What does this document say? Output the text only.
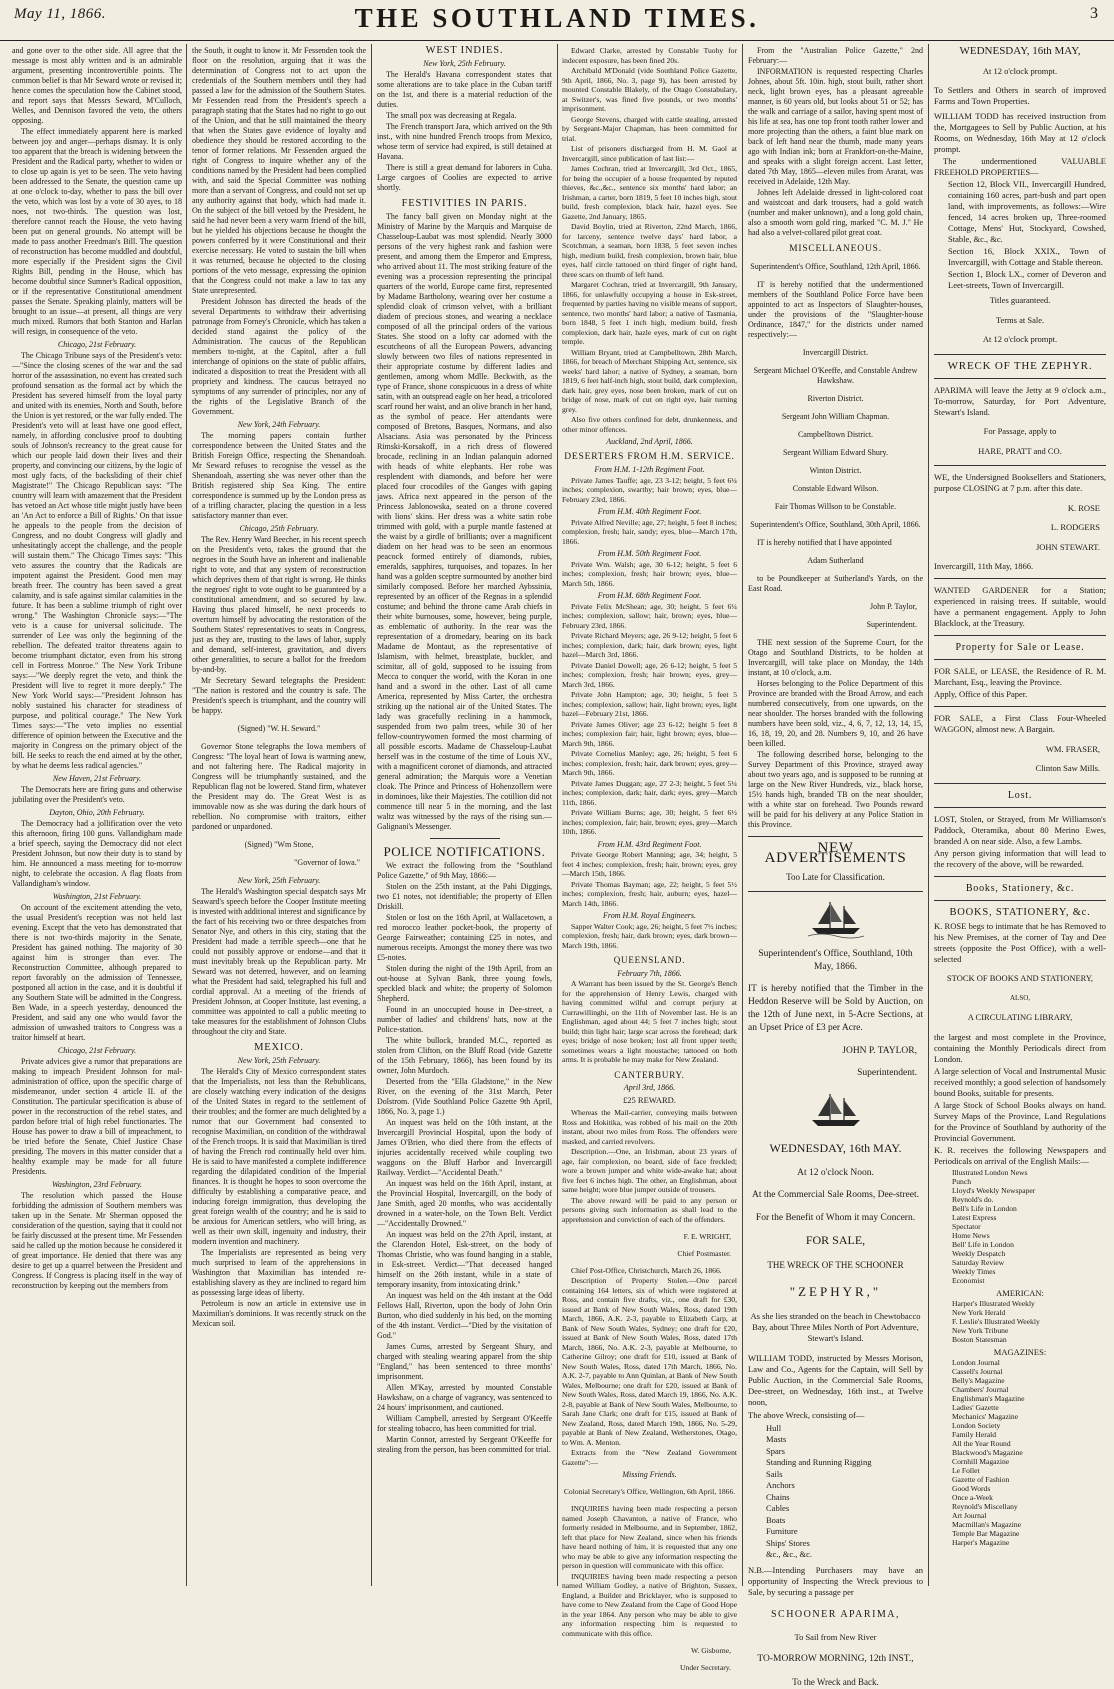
May 11, 1866.	THE SOUTHLAND TIMES.	3

and gone over to the other side. All agree that the message is most ably written and is an admirable argument, presenting incontrovertible points. The common belief is that Mr Seward wrote or revised it; hence comes the speculation how the Cabinet stood, and report says that Messrs Seward, M'Culloch, Welles, and Dennison favored the veto, the others opposing.

The effect immediately apparent here is marked between joy and anger—perhaps dismay. It is only too apparent that the breach is widening between the President and the Radical party, whether to widen or to close up again is yet to be seen. The veto having been addressed to the Senate, the question came up at one o'clock to-day, whether to pass the bill over the veto, which was lost by a vote of 30 ayes, to 18 noes, not two-thirds. The question was lost, therefore cannot reach the House, the veto having been put on general grounds. No attempt will be made to pass another Freedman's Bill. The question of reconstruction has become muddled and doubtful, more especially if the President signs the Civil Rights Bill, pending in the House, which has become doubtful since Sumner's Radical opposition, or if the representative Constitutional amendment passes the Senate. Speaking plainly, matters will be brought to an issue—at present, all things are very much mixed. Rumors that both Stanton and Harlan will resign, in consequence of the veto.

Chicago, 21st February.

The Chicago Tribune says of the President's veto:—"Since the closing scenes of the war and the sad horror of the assassination, no event has created such profound sensation as the formal act by which the President has severed himself from the loyal party and united with its enemies, North and South, before the Union is yet restored, or the war fully ended. The President's veto will at least have one good effect, namely, in affording conclusive proof to doubting souls of Johnson's recreancy to the great cause for which our people laid down their lives and their property, and convincing our citizens, by the logic of most ugly facts, of the backsliding of their chief Magistrate!" The Chicago Republican says: "The country will learn with amazement that the President has vetoed an Act whose title might justly have been an 'An Act to enforce a Bill of Rights.' On that issue he appeals to the people from the decision of Congress, and no doubt Congress will gladly and unhesitatingly accept the challenge, and the people will sustain them." The Chicago Times says: "This veto assures the country that the Radicals are impotent against the President. Good men may breath freer. The country has been saved a great calamity, and is safe against similar calamities in the future. It has been a sublime triumph of right over wrong." The Washington Chronicle says:—"The veto is a cause for universal solicitude. The surrender of Lee was only the beginning of the rebellion. The defeated traitor threatens again to become triumphant dictator, even from his strong cell in Fortress Monroe." The New York Tribune says:—"We deeply regret the veto, and think the President will live to regret it more deeply." The New York World says:—"President Johnson has nobly sustained his character for steadiness of purpose, and political courage." The New York Times says:—"The veto implies no essential difference of opinion between the Executive and the majority in Congress on the primary object of the bill. He seeks to reach the end aimed at by the other, by what he deems less radical agencies."

New Haven, 21st February.

The Democrats here are firing guns and otherwise jubilating over the President's veto.

Dayton, Ohio, 20th February.

The Democracy had a jollification over the veto this afternoon, firing 100 guns. Vallandigham made a brief speech, saying the Democracy did not elect President Johnson, but now their duty is to stand by him. He announced a mass meeting for to-morrow night, to celebrate the occasion. A flag floats from Vallandigham's window.

Washington, 21st February.

On account of the excitement attending the veto, the usual President's reception was not held last evening. Except that the veto has demonstrated that there is not two-thirds majority in the Senate, President has gained nothing. The majority of 30 against him is stronger than ever. The Reconstruction Committee, although prepared to report favorably on the admission of Tennessee, postponed all action in the case, and it is doubtful if any Southern State will be admitted in the Congress. Ben Wade, in a speech yesterday, denounced the President, and said any one who would favor the admission of unwashed traitors to Congress was a traitor himself at heart.

Chicago, 21st February.

Private advices give a rumor that preparations are making to impeach President Johnson for mal-administration of office, upon the specific charge of misdemeanor, under section 4 article II. of the Constitution. The particular specification is abuse of power in the reconstruction of the rebel states, and pardon before trial of high rebel functionaries. The House has power to draw a bill of impeachment, to be tried before the Senate, Chief Justice Chase presiding. The movers in this matter consider that a healthy example may be made for all future Presidents.

Washington, 23rd February.

The resolution which passed the House forbidding the admission of Southern members was taken up in the Senate. Mr Sherman opposed the consideration of the question, saying that it could not be fairly discussed at the present time. Mr Fessenden said he called up the motion because he considered it of great importance. He denied that there was any desire to get up a quarrel between the President and Congress. If Congress is placing itself in the way of reconstruction by keeping out the members from

the South, it ought to know it. Mr Fessenden took the floor on the resolution, arguing that it was the determination of Congress not to act upon the credentials of the Southern members until they had passed a law for the admission of the Southern States. Mr Fessenden read from the President's speech a paragraph stating that the States had no right to go out of the Union, and that he still maintained the theory that when the States gave evidence of loyalty and obedience they should be restored according to the tenor of former relations. Mr Fessenden argued the right of Congress to inquire whether any of the conditions named by the President had been complied with, and said the Special Committee was nothing more than a servant of Congress, and could not set up any authority against that body, which had made it. On the subject of the bill vetoed by the President, he said he had never been a very warm friend of the bill, but he yielded his objections because he thought the powers conferred by it were Constitutional and their exercise necessary. He voted to sustain the bill when it was returned, because he objected to the closing portions of the veto message, expressing the opinion that the Congress could not make a law to tax any State unrepresented.

President Johnson has directed the heads of the several Departments to withdraw their advertising patronage from Forney's Chronicle, which has taken a decided stand against the policy of the Administration. The caucus of the Republican members to-night, at the Capitol, after a full interchange of opinions on the state of public affairs, indicated a disposition to treat the President with all propriety and kindness. The caucus betrayed no symptoms of any surrender of principles, nor any of the rights of the Legislative Branch of the Government.

New York, 24th February.

The morning papers contain further correspondence between the United States and the British Foreign Office, respecting the Shenandoah. Mr Seward refuses to recognise the vessel as the Shenandoah, asserting she was never other than the British registered ship Sea King. The entire correspondence is summed up by the London press as of a trifling character, placing the question in a less satisfactory manner than ever.

Chicago, 25th February.

The Rev. Henry Ward Beecher, in his recent speech on the President's veto, takes the ground that the negroes in the South have an inherent and inalienable right to vote, and that any system of reconstruction which deprives them of that right is wrong. He thinks the negroes' right to vote ought to be guaranteed by a constitutional amendment, and so secured by law. Having thus placed himself, he next proceeds to overturn himself by advocating the restoration of the Southern States' representatives to seats in Congress, just as they are, trusting to the laws of labor, supply and demand, self-interest, gravitation, and divers other generalities, to secure a ballot for the freedom by-and-by.

Mr Secretary Seward telegraphs the President: "The nation is restored and the country is safe. The President's speech is triumphant, and the country will be happy.

(Signed) "W. H. Seward."

Governor Stone telegraphs the Iowa members of Congress: "The loyal heart of Iowa is warming anew, and not faltering here. The Radical majority in Congress will be triumphantly sustained, and the Republican flag not be lowered. Stand firm, whatever the President may do. The Great West is as immovable now as she was during the dark hours of rebellion. No compromise with traitors, either pardoned or unpardoned.

(Signed) "Wm Stone,

"Governor of Iowa."

New York, 25th February.

The Herald's Washington special despatch says Mr Seaward's speech before the Cooper Institute meeting is invested with additional interest and significance by the fact of his receiving two or three despatches from Senator Nye, and others in this city, stating that the President had made a terrible speech—one that he could not possibly approve or endorse—and that it must inevitably break up the Republican party. Mr Seward was not deterred, however, and on learning what the President had said, telegraphed his full and cordial approval. At a meeting of the friends of President Johnson, at Cooper Institute, last evening, a committee was appointed to call a public meeting to take measures for the establishment of Johnson Clubs throughout the city and State.

MEXICO.

New York, 25th February.

The Herald's City of Mexico correspondent states that the Imperialists, not less than the Rebublicans, are closely watching every indication of the designs of the United States in regard to the settlement of their troubles; and the former are much delighted by a rumor that our Government had consented to recognise Maximilian, on condition of the withdrawal of the French troops. It is said that Maximilian is tired of having the French rod continually held over him. He is said to have manifested a complete indifference regarding the dilapidated condition of the Imperial finances. It is thought he hopes to soon overcome the difficulty by establishing a comparative peace, and inducing foreign immigration, thus developing the great foreign wealth of the country; and he is said to be anxious for American settlers, who will bring, as well as their own skill, ingenuity and industry, their modern invention and machinery.

The Imperialists are represented as being very much surprised to learn of the apprehensions in Washington that Maximilian has intended re-establishing slavery as they are inclined to regard him as possessing large ideas of liberty.

Petroleum is now an article in extensive use in Maximilian's dominions. It was recently struck on the Mexican soil.

WEST INDIES.

New York, 25th February.

The Herald's Havana correspondent states that some alterations are to take place in the Cuban tariff on the 1st, and there is a material reduction of the duties.

The small pox was decreasing at Regala.

The French transport Jara, which arrived on the 9th inst., with nine hundred French troops from Mexico, whose term of service had expired, is still detained at Havana.

There is still a great demand for laborers in Cuba. Large cargoes of Coolies are expected to arrive shortly.

FESTIVITIES IN PARIS.

The fancy ball given on Monday night at the Ministry of Marine by the Marquis and Marquise de Chasseloup-Laubat was most splendid. Nearly 3000 persons of the very highest rank and fashion were present, and among them the Emperor and Empress, who arrived about 11. The most striking feature of the evening was a procession representing the principal quarters of the world, Europe came first, represented by Madame Bartholony, wearing over her costume a splendid cloak of crimson velvet, with a brilliant diadem of precious stones, and wearing a necklace composed of all the principal orders of the various States. She stood on a lofty car adorned with the escutcheons of all the European Powers, advancing slowly between two files of nations represented in their appropriate costume by different ladies and gentlemen, among whom Mdlle. Beckwith, as the type of France, shone conspicuous in a dress of white satin, with an outspread eagle on her head, a tricolored scarf round her waist, and an olive branch in her hand, as the symbol of peace. Her attendants were composed of Bretons, Basques, Normans, and also Alsacians. Asia was personated by the Princess Rimski-Korsakoff, in a rich dress of flowered brocade, reclining in an Indian palanquin adorned with heads of white elephants. Her robe was resplendent with diamonds, and before her were placed four crocodiles of the Ganges with gaping jaws. Africa next appeared in the person of the Princess Jablonowska, seated on a throne covered with lions' skins. Her dress was a white satin robe trimmed with gold, with a purple mantle fastened at the waist by a girdle of brilliants; over a magnificent diadem on her head was to be seen an enormous peacock formed entirely of diamonds, rubies, emeralds, sapphires, turquoises, and topazes. In her hand was a golden sceptre surmounted by another bird similarly composed. Before her marched Aybssinia, represented by an officer of the Regnas in a splendid costume; and behind the throne came Arab chiefs in their white burnouses, some, however, being purple, as emblematic of authority. In the rear was the representation of a dromedary, bearing on its back Madame de Montaut, as the representative of Islamism, with helmet, breastplate, buckler, and scimitar, all of gold, supposed to be issuing from Mecca to conquer the world, with the Koran in one hand and a sword in the other. Last of all came America, represented by Miss Carter, the orchestra striking up the national air of the United States. The lady was gracefully reclining in a hammock, suspended from two palm trees, while 30 of her fellow-countrywomen formed the most charming of all possible escorts. Madame de Chasseloup-Laubat herself was in the costume of the time of Louis XV., with a magnificent coronet of diamonds, and attracted general admiration; the Marquis wore a Venetian cloak. The Prince and Princess of Hohenzollern were in dominoes, like their Majesties. The cotillion did not commence till near 5 in the morning, and the last waltz was witnessed by the rays of the rising sun.—Galignani's Messenger.

POLICE NOTIFICATIONS.

We extract the following from the "Southland Police Gazette," of 9th May, 1866:—

Stolen on the 25th instant, at the Pahi Diggings, two £1 notes, not identifiable; the property of Ellen Driskill.

Stolen or lost on the 16th April, at Wallacetown, a red morocco leather pocket-book, the property of George Fairweather; containing £25 in notes, and numerous receipts. Amongst the money there was two £5-notes.

Stolen during the night of the 19th April, from an out-house at Sylvan Bank, three young fowls, speckled black and white; the property of Solomon Shepherd.

Found in an unoccupied house in Dee-street, a number of ladies' and childrens' hats, now at the Police-station.

The white bullock, branded M.C., reported as stolen from Clifton, on the Bluff Road (vide Gazette of the 15th February, 1866), has been found by its owner, John Murdoch.

Deserted from the "Ella Gladstone," in the New River, on the evening of the 31st March, Peter Dolstrom. (Vide Southland Police Gazette 9th April, 1866, No. 3, page 1.)

An inquest was held on the 10th instant, at the Invercargill Provincial Hospital, upon the body of James O'Brien, who died there from the effects of injuries accidentally received while coupling two waggons on the Bluff Harbor and Invercargill Railway. Verdict—"Accidental Death."

An inquest was held on the 16th April, instant, at the Provincial Hospital, Invercargill, on the body of Jane Smith, aged 20 months, who was accidentally drowned in a water-hole, on the Town Belt. Verdict—"Accidentally Drowned."

An inquest was held on the 27th April, instant, at the Clarendon Hotel, Esk-street, on the body of Thomas Christie, who was found hanging in a stable, in Esk-street. Verdict—"That deceased hanged himself on the 26th instant, while in a state of temporary insanity, from intoxicating drink."

An inquest was held on the 4th instant at the Odd Fellows Hall, Riverton, upon the body of John Orin Burton, who died suddenly in his bed, on the morning of the 4th instant. Verdict—"Died by the visitation of God."

James Curns, arrested by Sergeant Shury, and charged with stealing wearing apparel from the ship "England," has been sentenced to three months' imprisonment.

Allen M'Kay, arrested by mounted Constable Hawkshaw, on a charge of vagrancy, was sentenced to 24 hours' imprisonment, and cautioned.

William Campbell, arrested by Sergeant O'Keeffe for stealing tobacco, has been committed for trial.

Martin Connor, arrested by Sergeant O'Keeffe for stealing from the person, has been committed for trial.

Edward Clarke, arrested by Constable Tuohy for indecent exposure, has been fined 20s.

Archibald M'Donald (vide Southland Police Gazette, 9th April, 1866, No. 3, page 9), has been arrested by mounted Constable Blakely, of the Otago Constabulary, at Switzer's, was fined five pounds, or two months' imprisonment.

George Stevens, charged with cattle stealing, arrested by Sergeant-Major Chapman, has been committed for trial.

List of prisoners discharged from H. M. Gaol at Invercargill, since publication of last list:—

James Cochran, tried at Invercargill, 3rd Oct., 1865, for being the occupier of a house frequented by reputed thieves, &c.,&c., sentence six months' hard labor; an Irishman, a carter, born 1819, 5 feet 10 inches high, stout build, fresh complexion, black hair, hazel eyes. See Gazette, 2nd January, 1865.

David Boylin, tried at Riverton, 22nd March, 1866, for larceny, sentence twelve days' hard labor, a Scotchman, a seaman, born 1838, 5 feet seven inches high, medium build, fresh complexion, brown hair, blue eyes, half circle tattooed on third finger of right hand, three scars on thumb of left hand.

Margaret Cochran, tried at Invercargill, 9th January, 1866, for unlawfully occupying a house in Esk-street, frequented by parties having no visible means of support, sentence, two months' hard labor; a native of Tasmania, born 1848, 5 feet 1 inch high, medium build, fresh complexion, dark hair, hazle eyes, mark of cut on right temple.

William Bryant, tried at Campbelltown, 28th March, 1866, for breach of Merchant Shipping Act, sentence, six weeks' hard labor; a native of Sydney, a seaman, born 1819, 6 feet half-inch high, stout build, dark complexion, dark hair, grey eyes, nose been broken, mark of cut on bridge of nose, mark of cut on right eye, hair turning grey.

Also five others confined for debt, drunkenness, and other minor offences.

Auckland, 2nd April, 1866.

DESERTERS FROM H.M. SERVICE.

From H.M. 1-12th Regiment Foot.

Private James Tauffe; age, 23 3-12; height, 5 feet 6¼ inches; complexion, swarthy; hair brown; eyes, blue—February 23rd, 1866.

From H.M. 40th Regiment Foot.

Private Alfred Neville; age, 27; height, 5 feet 8 inches; complexion, fresh; hair, sandy; eyes, blue—March 17th, 1866.

From H.M. 50th Regiment Foot.

Private Wm. Walsh; age, 30 6-12; height, 5 feet 6 inches; complexion, fresh; hair brown; eyes, blue—March 5th, 1866.

From H.M. 68th Regiment Foot.

Private Felix McShean; age, 30; height, 5 feet 6¼ inches; complexion, sallow; hair, brown; eyes, blue—February 23rd, 1866.

Private Richard Meyers; age, 26 9-12; height, 5 feet 6 inches; complexion, dark; hair, dark brown; eyes, light hazel—March 3rd, 1866.

Private Daniel Dowell; age, 26 6-12; height, 5 feet 5 inches; complexion, fresh; hair brown; eyes, grey—March 3rd, 1866.

Private John Hampton; age, 30; height, 5 feet 5 inches; complexion, sallow; hair, light brown; eyes, light hazel—February 21st, 1866.

Private James Oliver; age 23 6-12; height 5 feet 8 inches; complexion fair; hair, light brown; eyes, blue—March 9th, 1866.

Private Cornelius Manley; age, 26; height, 5 feet 6 inches; complexion, fresh; hair, dark brown; eyes, grey—March 9th, 1866.

Private James Duggan; age, 27 2-3; height, 5 feet 5¼ inches; complexion, dark; hair, dark; eyes, grey—March 11th, 1866.

Private William Burns; age, 30; height, 5 feet 6½ inches; complexion, fair; hair, brown; eyes, grey—March 10th, 1866.

From H.M. 43rd Regiment Foot.

Private George Robert Manning; age, 34; height, 5 feet 4 inches; complexion, fresh; hair, brown; eyes, grey—March 15th, 1866.

Private Thomas Bayman; age, 22; height, 5 feet 5½ inches; complexion, fresh; hair, auburn; eyes, hazel—March 14th, 1866.

From H.M. Royal Engineers.

Sapper Walter Cook; age, 26; height, 5 feet 7½ inches; complexion, fresh; hair, dark brown; eyes, dark brown—March 19th, 1866.

QUEENSLAND.

February 7th, 1866.

A Warrant has been issued by the St. George's Bench for the apprehension of Henry Lewis, charged with having committed wilful and corrupt perjury at Currawillinghi, on the 11th of November last. He is an Englishman, aged about 44; 5 feet 7 inches high; stout build; thin light hair; large scar across the forehead; dark eyes; bridge of nose broken; lost all front upper teeth; sometimes wears a light moustache; tattooed on both arms. It is probable he may make for New Zealand.

CANTERBURY.

April 3rd, 1866.

£25 REWARD.

Whereas the Mail-carrier, conveying mails between Ross and Hokitika, was robbed of his mail on the 20th instant, about two miles from Ross. The offenders were masked, and carried revolvers.

Description.—One, an Irishman, about 23 years of age, fair complexion, no beard, side of face freckled; wore a brown jumper and white wide-awake hat; about five feet 6 inches high. The other, an Englishman, about same height; wore blue jumper outside of trousers.

The above reward will be paid to any person or persons giving such information as shall lead to the apprehension and conviction of each of the offenders.

F. E. WRIGHT,

Chief Postmaster.

Chief Post-Office, Christchurch, March 26, 1866.

Description of Property Stolen.—One parcel containing 164 letters, six of which were registered at Ross, and contain five drafts, viz., one draft for £30, issued at Bank of New South Wales, Ross, dated 19th March, 1866, A.K. 2-3, payable to Elizabeth Carp, at Bank of New South Wales, Sydney; one draft for £20, issued at Bank of New South Wales, Ross, dated 17th March, 1866, No. A.K. 2-3, payable at Melbourne, to Catherine Gilroy; one draft for £10, issued at Bank of New South Wales, Ross, dated 17th March, 1866, No. A.K. 2-7, payable to Ann Quinlan, at Bank of New South Wales, Melbourne; one draft for £20, issued at Bank of New South Wales, Ross, dated March 19, 1866, No. A.K. 2-8, payable at Bank of New South Wales, Melbourne, to Sarah Jane Clark; one draft for £15, issued at Bank of New Zealand, Ross, dated March 19th, 1866, No. 5-29, payable at Bank of New Zealand, Wetherstones, Otago, to Wm. A. Menton.

Extracts from the "New Zealand Government Gazette":—

Missing Friends.

Colonial Secretary's Office, Wellington, 6th April, 1866.

INQUIRIES having been made respecting a person named Joseph Chavanton, a native of France, who formerly resided in Melbourne, and in September, 1862, left that place for New Zealand, since when his friends have heard nothing of him, it is requested that any one who may be able to give any information respecting the person in question will communicate with this office.

INQUIRIES having been made respecting a person named William Godley, a native of Brighton, Sussex, England, a Builder and Bricklayer, who is supposed to have come to New Zealand from the Cape of Good Hope in the year 1864. Any person who may be able to give any information respecting him is requested to communicate with this office.

W. Gisborne,

Under Secretary.

From the "Australian Police Gazette," 2nd February:—

INFORMATION is requested respecting Charles Johnes, about 5ft. 10in. high, stout built, rather short neck, light brown eyes, has a pleasant agreeable manner, is 60 years old, but looks about 51 or 52; has the walk and carriage of a sailor, having spent most of his life at sea, has one top front tooth rather lower and more projecting than the others, a faint blue mark on back of left hand near the thumb, made many years ago with Indian ink; born at Frankfort-on-the-Maine, and speaks with a slight foreign accent. Last letter, dated 7th May, 1865—eleven miles from Ararat, was received in Adelaide, 12th May.

Johnes left Adelaide dressed in light-colored coat and waistcoat and dark trousers, had a gold watch (number and maker unknown), and a long gold chain, also a smooth worn gold ring, marked "C. M. J." He had also a velvet-collared pilot great coat.

MISCELLANEOUS.

Superintendent's Office, Southland, 12th April, 1866.

IT is hereby notified that the undermentioned members of the Southland Police Force have been appointed to act as Inspectors of Slaughter-houses, under the provisions of the "Slaughter-house Ordinance, 1847," for the districts under named respectively:—

Invercargill District.

Sergeant Michael O'Keeffe, and Constable Andrew Hawkshaw.

Riverton District.

Sergeant John William Chapman.

Campbelltown District.

Sergeant William Edward Shury.

Winton District.

Constable Edward Wilson.

Fair Thomas Willson to be Constable.

Superintendent's Office, Southland, 30th April, 1866.

IT is hereby notified that I have appointed

Adam Sutherland

to be Poundkeeper at Sutherland's Yards, on the East Road.

John P. Taylor,

Superintendent.

THE next session of the Supreme Court, for the Otago and Southland Districts, to be holden at Invercargill, will take place on Monday, the 14th instant, at 10 o'clock, a.m.

Horses belonging to the Police Department of this Province are branded with the Broad Arrow, and each numbered consecutively, from one upwards, on the near shoulder. The horses branded with the following numbers have been sold, viz., 4, 6, 7, 12, 13, 14, 15, 16, 18, 19, 20, and 28. Numbers 9, 10, and 26 have been killed.

The following described horse, belonging to the Survey Department of this Province, strayed away about two years ago, and is supposed to be running at large on the New River Hundreds, viz., black horse, 15½ hands high, branded TB on the near shoulder, with a white star on forehead. Two Pounds reward will be paid for his delivery at any Police Station in this Province.

NEW ADVERTISEMENTS

Too Late for Classification.

Superintendent's Office, Southland, 10th May, 1866.

IT is hereby notified that the Timber in the Heddon Reserve will be Sold by Auction, on the 12th of June next, in 5-Acre Sections, at an Upset Price of £3 per Acre.

JOHN P. TAYLOR,

Superintendent.

WEDNESDAY, 16th MAY.

At 12 o'clock Noon.

At the Commercial Sale Rooms, Dee-street.

For the Benefit of Whom it may Concern.

FOR SALE,

THE WRECK OF THE SCHOONER

"ZEPHYR,"

As she lies stranded on the beach in Chewtobacco Bay, about Three Miles North of Port Adventure, Stewart's Island.

WILLIAM TODD, instructed by Messrs Morison, Law and Co., Agents for the Captain, will Sell by Public Auction, in the Commercial Sale Rooms, Dee-street, on Wednesday, 16th inst., at Twelve noon,

The above Wreck, consisting of—

Hull
Masts
Spars
Standing and Running Rigging
Sails
Anchors
Chains
Cables
Boats
Furniture
Ships' Stores
&c., &c., &c.

N.B.—Intending Purchasers may have an opportunity of Inspecting the Wreck previous to Sale, by securing a passage per

SCHOONER APARIMA,

To Sail from New River

TO-MORROW MORNING, 12th INST.,

To the Wreck and Back.

WEDNESDAY, 16th MAY,

At 12 o'clock prompt.

To Settlers and Others in search of improved Farms and Town Properties.

WILLIAM TODD has received instruction from the, Mortgagees to Sell by Public Auction, at his Rooms, on Wednesday, 16th May at 12 o'clock prompt.

The undermentioned VALUABLE FREEHOLD PROPERTIES—

Section 12, Block VII., Invercargill Hundred, containing 160 acres, part-bush and part open land, with improvements, as follows:—Wire fenced, 14 acres broken up, Three-roomed Cottage, Mens' Hut, Stockyard, Cowshed, Stable, &c., &c.

Section 16, Block XXIX., Town of Invercargill, with Cottage and Stable thereon.

Section 1, Block LX., corner of Deveron and Leet-streets, Town of Invercargill.

Titles guaranteed.

Terms at Sale.

At 12 o'clock prompt.

WRECK OF THE ZEPHYR.

APARIMA will leave the Jetty at 9 o'clock a.m., To-morrow, Saturday, for Port Adventure, Stewart's Island.

For Passage, apply to

HARE, PRATT and CO.

WE, the Undersigned Booksellers and Stationers, purpose CLOSING at 7 p.m. after this date.

K. ROSE

L. RODGERS

JOHN STEWART.

Invercargill, 11th May, 1866.

WANTED GARDENER for a Station; experienced in raising trees. If suitable, would have a permanent engagement. Apply to John Blacklock, at the Treasury.

Property for Sale or Lease.

FOR SALE, or LEASE, the Residence of R. M. Marchant, Esq., leaving the Province.

Apply, Office of this Paper.

FOR SALE, a First Class Four-Wheeled WAGGON, almost new. A Bargain.

WM. FRASER,

Clinton Saw Mills.

Lost.

LOST, Stolen, or Strayed, from Mr Williamson's Paddock, Oteramika, about 80 Merino Ewes, branded A on near side. Also, a few Lambs.

Any person giving information that will lead to the recovery of the above, will be rewarded.

Books, Stationery, &c.

BOOKS, STATIONERY, &c.

K. ROSE begs to intimate that he has Removed to his New Premises, at the corner of Tay and Dee streets (opposite the Post Office), with a well-selected

STOCK OF BOOKS AND STATIONERY,

ALSO,

A CIRCULATING LIBRARY,

the largest and most complete in the Province, containing the Monthly Periodicals direct from London.

A large selection of Vocal and Instrumental Music received monthly; a good selection of handsomely bound Books, suitable for presents.

A large Stock of School Books always on hand. Survey Maps of the Province, Land Regulations for the Province of Southland by authority of the Provincial Government.

K. R. receives the following Newspapers and Periodicals on arrival of the English Mails:—

Illustrated London News
Punch
Lloyd's Weekly Newspaper
Reynold's do.
Bell's Life in London
Latest Express
Spectator
Home News
Bell' Life in London
Weekly Despatch
Saturday Review
Weekly Times
Economist

AMERICAN:

Harper's Illustrated Weekly
New York Herald
F. Leslie's Illustrated Weekly
New York Tribune
Boston Statesman

MAGAZINES:

London Journal
Cassell's Journal
Belly's Magazine
Chambers' Journal
Englishman's Magazine
Ladies' Gazette
Mechanics' Magazine
London Society
Family Herald
All the Year Round
Blackwood's Magazine
Cornhill Magazine
Le Follet
Gazette of Fashion
Good Words
Once a-Week
Reynold's Miscellany
Art Journal
Macmillan's Magazine
Temple Bar Magazine
Harper's Magazine
